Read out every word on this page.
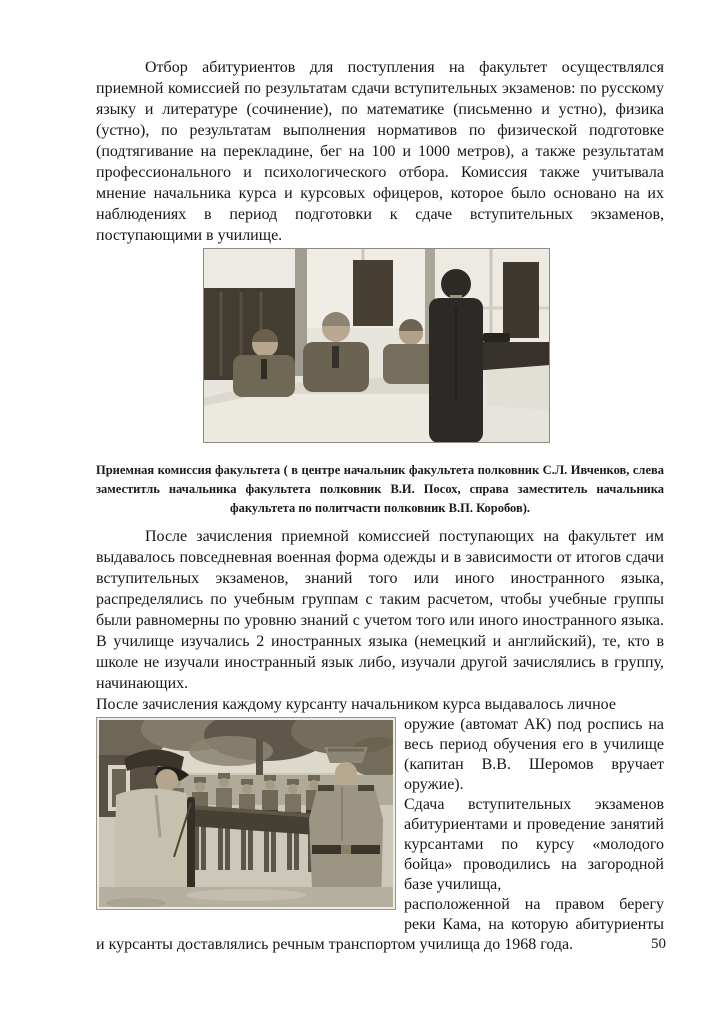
Отбор абитуриентов для поступления на факультет осуществлялся приемной комиссией по результатам сдачи вступительных экзаменов: по русскому языку и литературе (сочинение), по математике (письменно и устно), физика (устно), по результатам выполнения нормативов по физической подготовке (подтягивание на перекладине, бег на 100 и 1000 метров), а также результатам профессионального и психологического отбора. Комиссия также учитывала мнение начальника курса и курсовых офицеров, которое было основано на их наблюдениях в период подготовки к сдаче вступительных экзаменов, поступающими в училище.

Приемная комиссия факультета ( в центре начальник факультета полковник С.Л. Ивченков, слева заместитль начальника факультета полковник В.И. Посох, справа заместитель начальника факультета по политчасти полковник В.П. Коробов).

После зачисления приемной комиссией поступающих на факультет им выдавалось повседневная военная форма одежды и в зависимости от итогов сдачи вступительных экзаменов, знаний того или иного иностранного языка, распределялись по учебным группам с таким расчетом, чтобы учебные группы были равномерны по уровню знаний с учетом того или иного иностранного языка. В училище изучались 2 иностранных языка (немецкий и английский), те, кто в школе не изучали иностранный язык либо, изучали другой зачислялись в группу, начинающих.

После зачисления каждому курсанту начальником курса выдавалось личное

оружие (автомат АК) под роспись на весь период обучения его в училище (капитан В.В. Шеромов вручает оружие).

Сдача вступительных экзаменов абитуриентами и проведение занятий курсантами по курсу «молодого бойца» проводились на загородной базе училища,

расположенной на правом берегу реки Кама, на которую абитуриенты и курсанты доставлялись речным транспортом училища до 1968 года.	50
